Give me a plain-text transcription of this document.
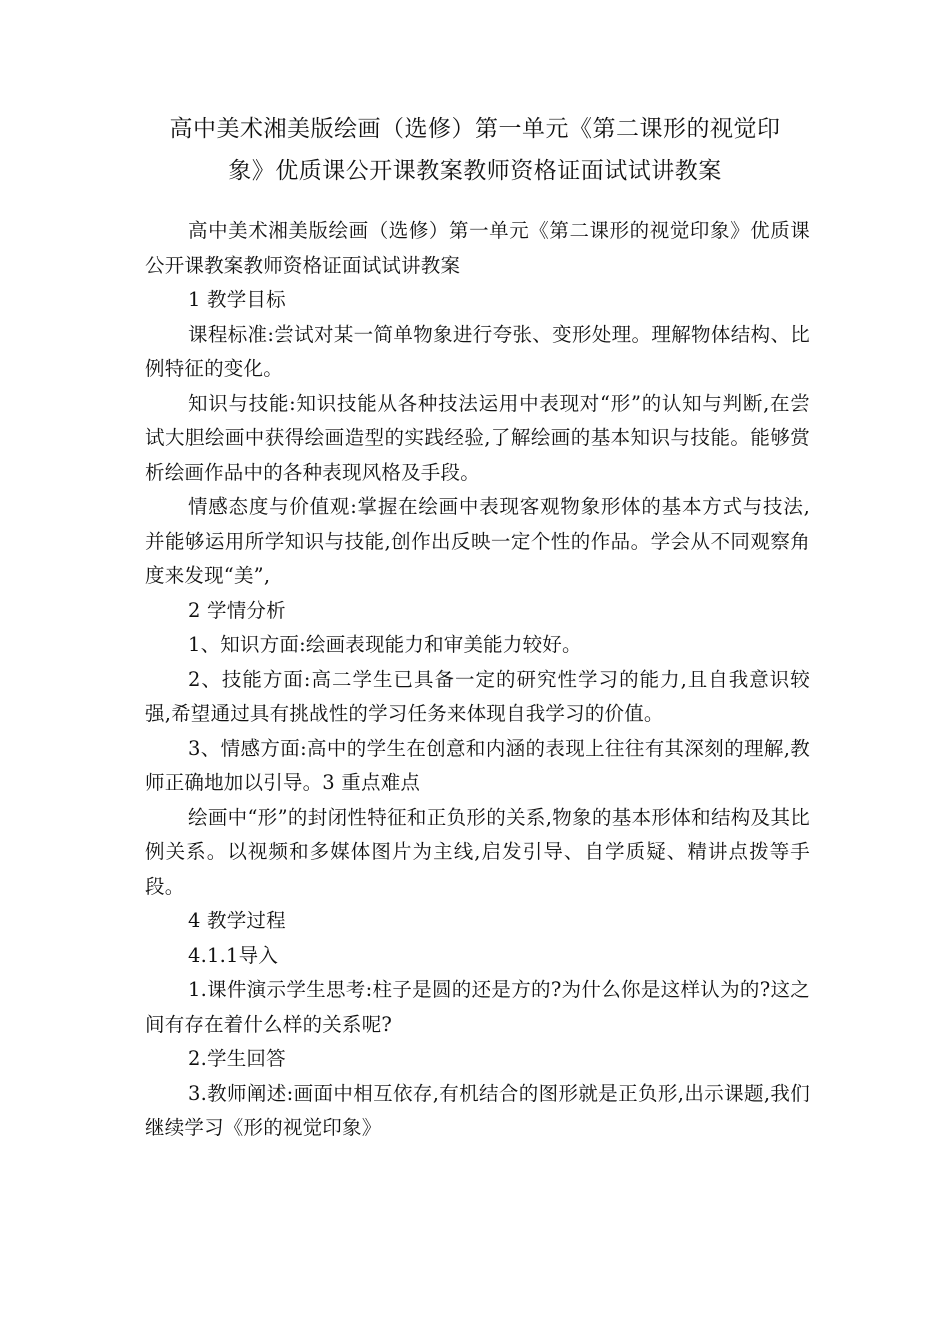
高中美术湘美版绘画（选修）第一单元《第二课形的视觉印
象》优质课公开课教案教师资格证面试试讲教案

高中美术湘美版绘画（选修）第一单元《第二课形的视觉印象》优质课公开课教案教师资格证面试试讲教案

1 教学目标

课程标准:尝试对某一简单物象进行夸张、变形处理。理解物体结构、比例特征的变化。

知识与技能:知识技能从各种技法运用中表现对“形”的认知与判断,在尝试大胆绘画中获得绘画造型的实践经验,了解绘画的基本知识与技能。能够赏析绘画作品中的各种表现风格及手段。

情感态度与价值观:掌握在绘画中表现客观物象形体的基本方式与技法,并能够运用所学知识与技能,创作出反映一定个性的作品。学会从不同观察角度来发现“美”,

2 学情分析

1、知识方面:绘画表现能力和审美能力较好。

2、技能方面:高二学生已具备一定的研究性学习的能力,且自我意识较强,希望通过具有挑战性的学习任务来体现自我学习的价值。

3、情感方面:高中的学生在创意和内涵的表现上往往有其深刻的理解,教师正确地加以引导。3 重点难点

绘画中“形”的封闭性特征和正负形的关系,物象的基本形体和结构及其比例关系。以视频和多媒体图片为主线,启发引导、自学质疑、精讲点拨等手段。

4 教学过程

4.1.1导入

1.课件演示学生思考:柱子是圆的还是方的?为什么你是这样认为的?这之间有存在着什么样的关系呢?

2.学生回答

3.教师阐述:画面中相互依存,有机结合的图形就是正负形,出示课题,我们继续学习《形的视觉印象》
